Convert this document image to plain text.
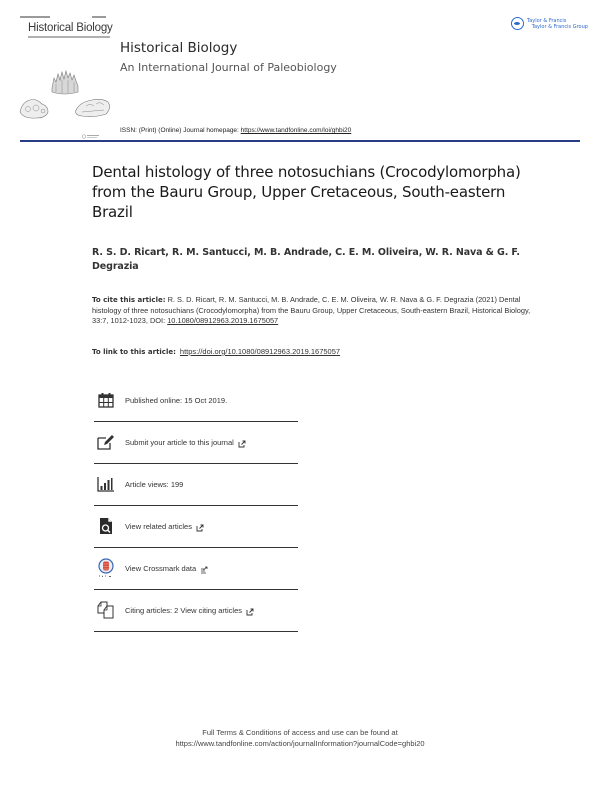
Historical Biology
Historical Biology
An International Journal of Paleobiology
Taylor & Francis
Taylor & Francis Group
ISSN: (Print) (Online) Journal homepage: https://www.tandfonline.com/loi/ghbi20
Dental histology of three notosuchians (Crocodylomorpha) from the Bauru Group, Upper Cretaceous, South-eastern Brazil
R. S. D. Ricart, R. M. Santucci, M. B. Andrade, C. E. M. Oliveira, W. R. Nava & G. F. Degrazia
To cite this article: R. S. D. Ricart, R. M. Santucci, M. B. Andrade, C. E. M. Oliveira, W. R. Nava & G. F. Degrazia (2021) Dental histology of three notosuchians (Crocodylomorpha) from the Bauru Group, Upper Cretaceous, South-eastern Brazil, Historical Biology, 33:7, 1012-1023, DOI: 10.1080/08912963.2019.1675057
To link to this article: https://doi.org/10.1080/08912963.2019.1675057
Published online: 15 Oct 2019.
Submit your article to this journal
Article views: 199
View related articles
View Crossmark data
Citing articles: 2 View citing articles
Full Terms & Conditions of access and use can be found at
https://www.tandfonline.com/action/journalInformation?journalCode=ghbi20
